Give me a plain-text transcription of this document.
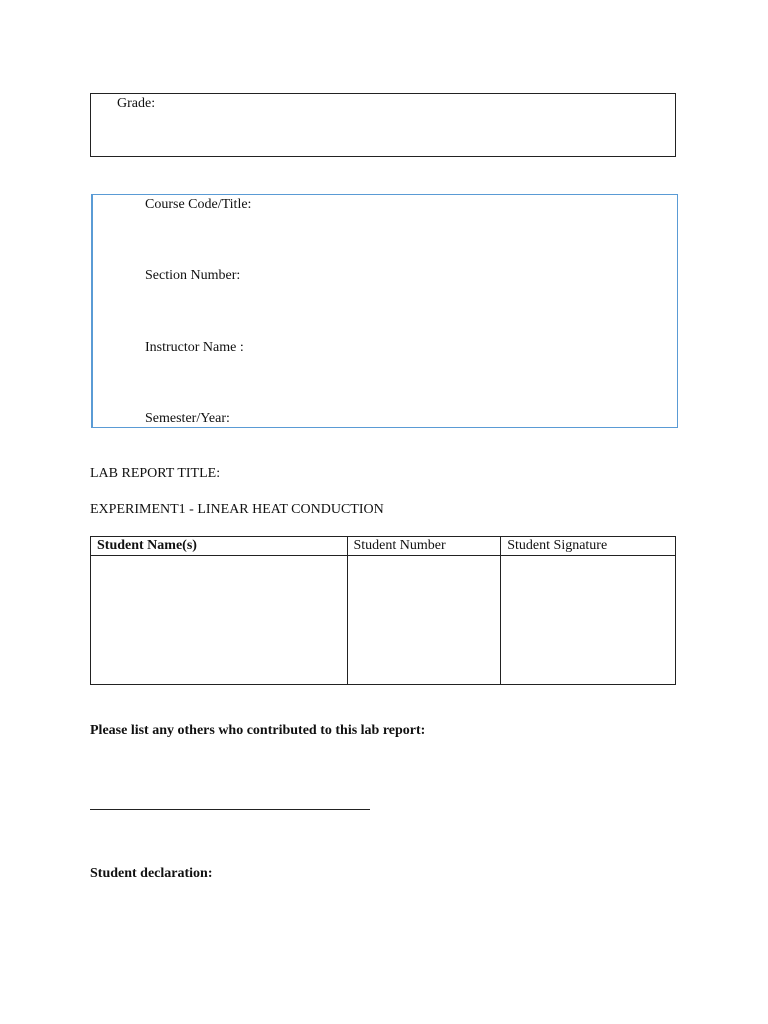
Grade:
Course Code/Title:
Section Number:
Instructor Name :
Semester/Year:
LAB REPORT TITLE:
EXPERIMENT1 - LINEAR HEAT CONDUCTION
Student Name(s)	Student Number	Student Signature

Please list any others who contributed to this lab report:
Student declaration:
